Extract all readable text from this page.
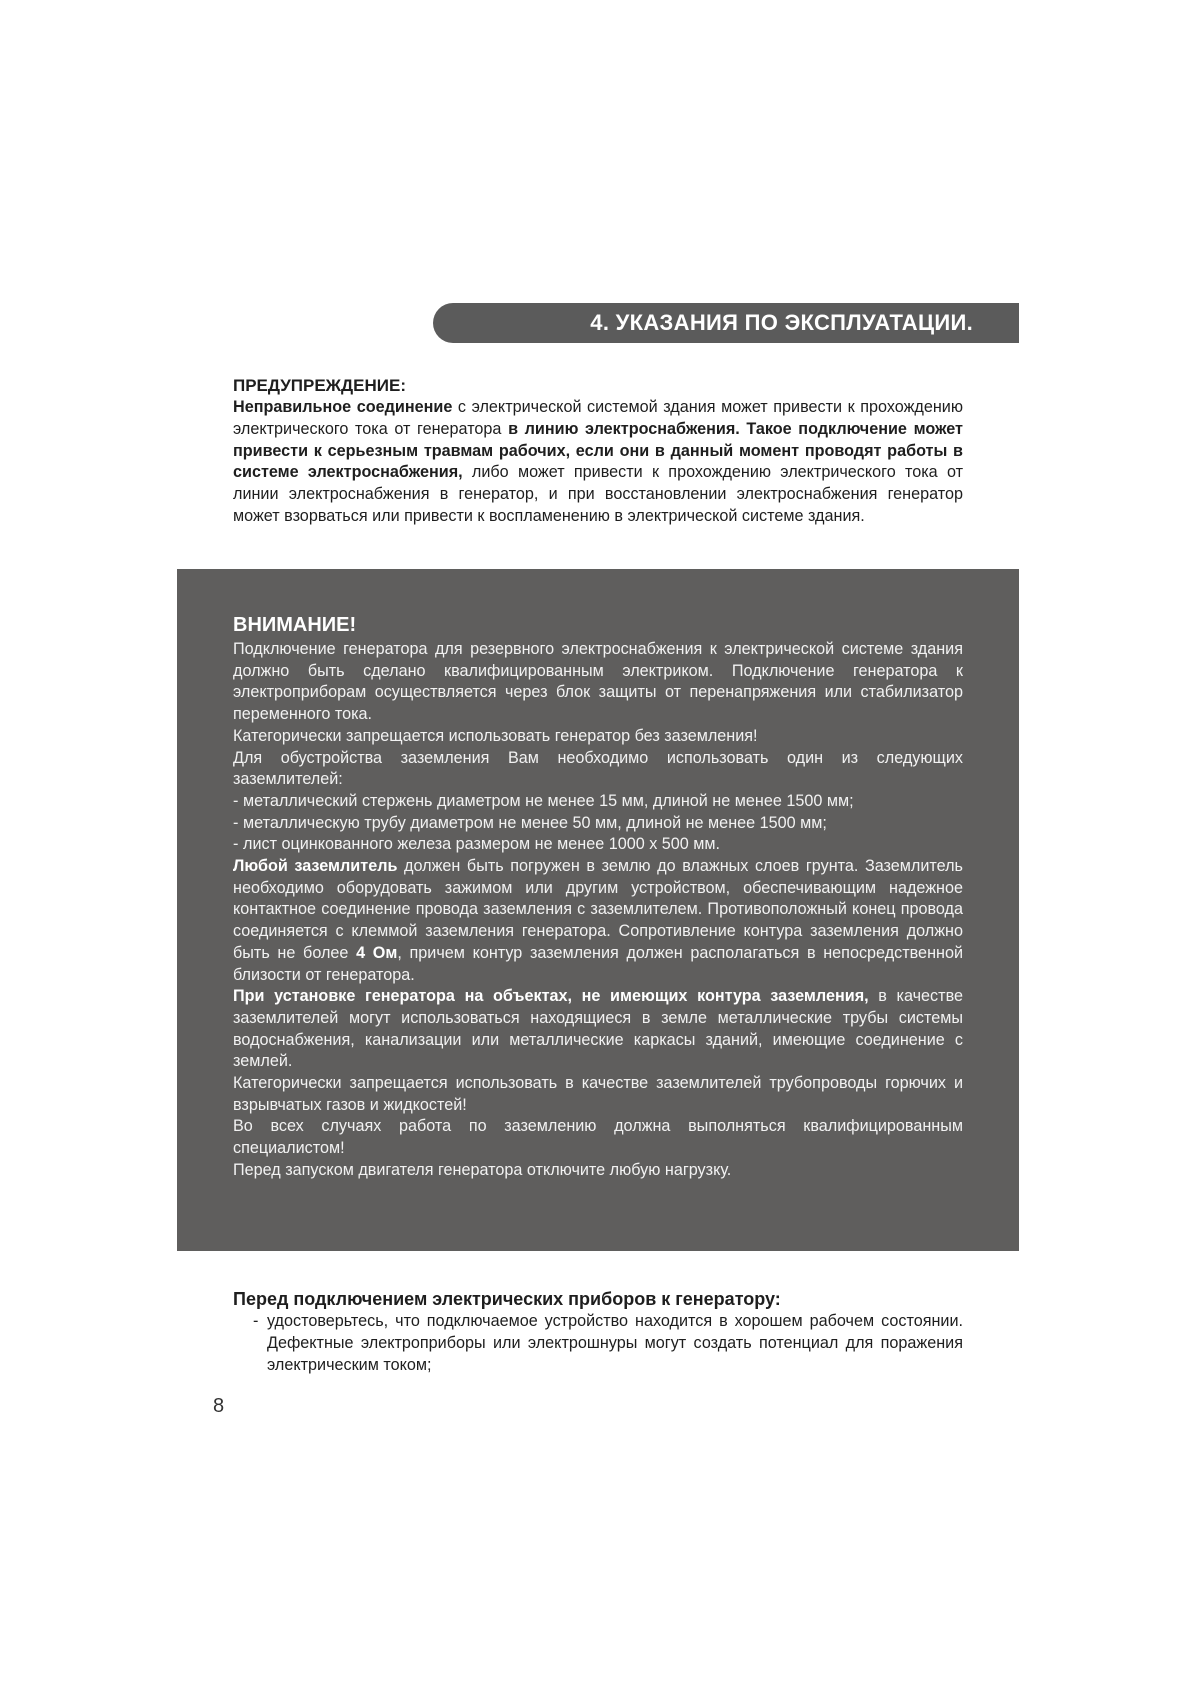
4. УКАЗАНИЯ ПО ЭКСПЛУАТАЦИИ.
ПРЕДУПРЕЖДЕНИЕ:

Неправильное соединение с электрической системой здания может привести к прохождению электрического тока от генератора в линию электроснабжения. Такое подключение может привести к серьезным травмам рабочих, если они в данный момент проводят работы в системе электроснабжения, либо может привести к прохождению электрического тока от линии электроснабжения в генератор, и при восстановлении электроснабжения генератор может взорваться или привести к воспламенению в электрической системе здания.

ВНИМАНИЕ!

Подключение генератора для резервного электроснабжения к электрической системе здания должно быть сделано квалифицированным электриком. Подключение генератора к электроприборам осуществляется через блок защиты от перенапряжения или стабилизатор переменного тока.

Категорически запрещается использовать генератор без заземления!

Для обустройства заземления Вам необходимо использовать один из следующих заземлителей:

- металлический стержень диаметром не менее 15 мм, длиной не менее 1500 мм;
- металлическую трубу диаметром не менее 50 мм, длиной не менее 1500 мм;
- лист оцинкованного железа размером не менее 1000 х 500 мм.

Любой заземлитель должен быть погружен в землю до влажных слоев грунта. Заземлитель необходимо оборудовать зажимом или другим устройством, обеспечивающим надежное контактное соединение провода заземления с заземлителем. Противоположный конец провода соединяется с клеммой заземления генератора. Сопротивление контура заземления должно быть не более 4 Ом, причем контур заземления должен располагаться в непосредственной близости от генератора.

При установке генератора на объектах, не имеющих контура заземления, в качестве заземлителей могут использоваться находящиеся в земле металлические трубы системы водоснабжения, канализации или металлические каркасы зданий, имеющие соединение с землей.

Категорически запрещается использовать в качестве заземлителей трубопроводы горючих и взрывчатых газов и жидкостей!

Во всех случаях работа по заземлению должна выполняться квалифицированным специалистом!

Перед запуском двигателя генератора отключите любую нагрузку.

Перед подключением электрических приборов к генератору:
- удостоверьтесь, что подключаемое устройство находится в хорошем рабочем состоянии. Дефектные электроприборы или электрошнуры могут создать потенциал для поражения электрическим током;
8
